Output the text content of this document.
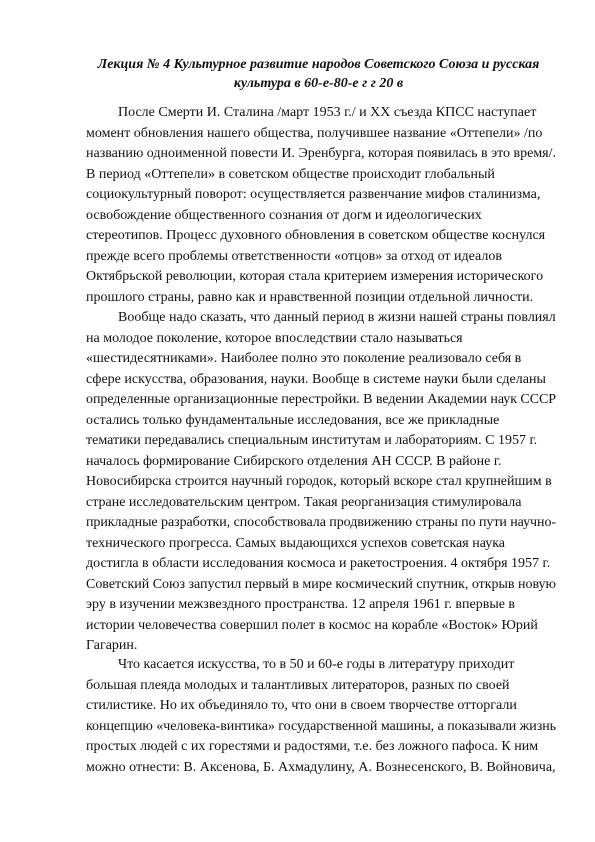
Лекция № 4 Культурное развитие народов Советского Союза и русская
культура в 60-е-80-е г г 20 в

После Смерти И. Сталина /март 1953 г./ и XX съезда КПСС наступает
момент обновления нашего общества, получившее название «Оттепели» /по
названию одноименной повести И. Эренбурга, которая появилась в это время/.
В период «Оттепели» в советском обществе происходит глобальный
социокультурный поворот: осуществляется развенчание мифов сталинизма,
освобождение общественного сознания от догм и идеологических
стереотипов. Процесс духовного обновления в советском обществе коснулся
прежде всего проблемы ответственности «отцов» за отход от идеалов
Октябрьской революции, которая стала критерием измерения исторического
прошлого страны, равно как и нравственной позиции отдельной личности.

Вообще надо сказать, что данный период в жизни нашей страны повлиял
на молодое поколение, которое впоследствии стало называться
«шестидесятниками». Наиболее полно это поколение реализовало себя в
сфере искусства, образования, науки. Вообще в системе науки были сделаны
определенные организационные перестройки. В ведении Академии наук СССР
остались только фундаментальные исследования, все же прикладные
тематики передавались специальным институтам и лабораториям. С 1957 г.
началось формирование Сибирского отделения АН СССР. В районе г.
Новосибирска строится научный городок, который вскоре стал крупнейшим в
стране исследовательским центром. Такая реорганизация стимулировала
прикладные разработки, способствовала продвижению страны по пути научно-
технического прогресса. Самых выдающихся успехов советская наука
достигла в области исследования космоса и ракетостроения. 4 октября 1957 г.
Советский Союз запустил первый в мире космический спутник, открыв новую
эру в изучении межзвездного пространства. 12 апреля 1961 г. впервые в
истории человечества совершил полет в космос на корабле «Восток» Юрий
Гагарин.

Что касается искусства, то в 50 и 60-е годы в литературу приходит
большая плеяда молодых и талантливых литераторов, разных по своей
стилистике. Но их объединяло то, что они в своем творчестве отторгали
концепцию «человека-винтика» государственной машины, а показывали жизнь
простых людей с их горестями и радостями, т.е. без ложного пафоса. К ним
можно отнести: В. Аксенова, Б. Ахмадулину, А. Вознесенского, В. Войновича,
